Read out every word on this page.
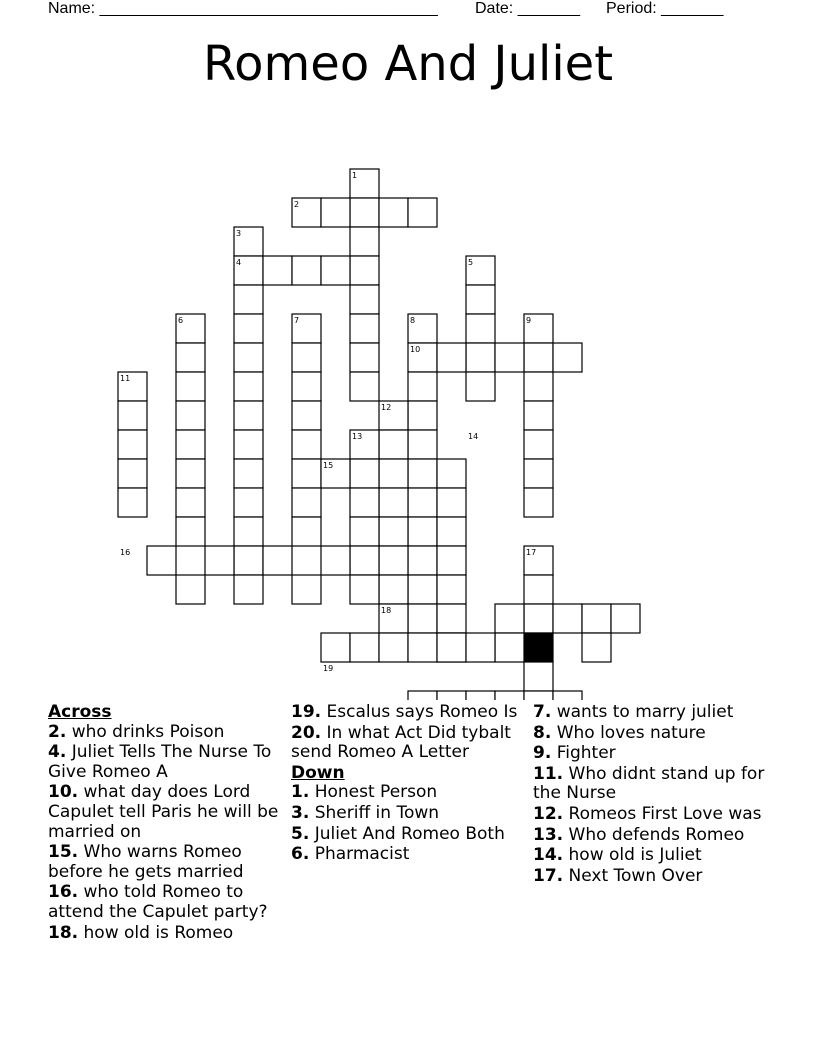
Name: ______________________________________

Date: _______

Period: _______

Romeo And Juliet
1
2
3
4	5
6	7	8	9
10
11
12
13	14
15
16	17
18
19
Across
2. who drinks Poison
4. Juliet Tells The Nurse To Give Romeo A
10. what day does Lord Capulet tell Paris he will be married on
15. Who warns Romeo before he gets married
16. who told Romeo to attend the Capulet party?
18. how old is Romeo
19. Escalus says Romeo Is
20. In what Act Did tybalt send Romeo A Letter
Down
1. Honest Person
3. Sheriff in Town
5. Juliet And Romeo Both
6. Pharmacist
7. wants to marry juliet
8. Who loves nature
9. Fighter
11. Who didnt stand up for the Nurse
12. Romeos First Love was
13. Who defends Romeo
14. how old is Juliet
17. Next Town Over
